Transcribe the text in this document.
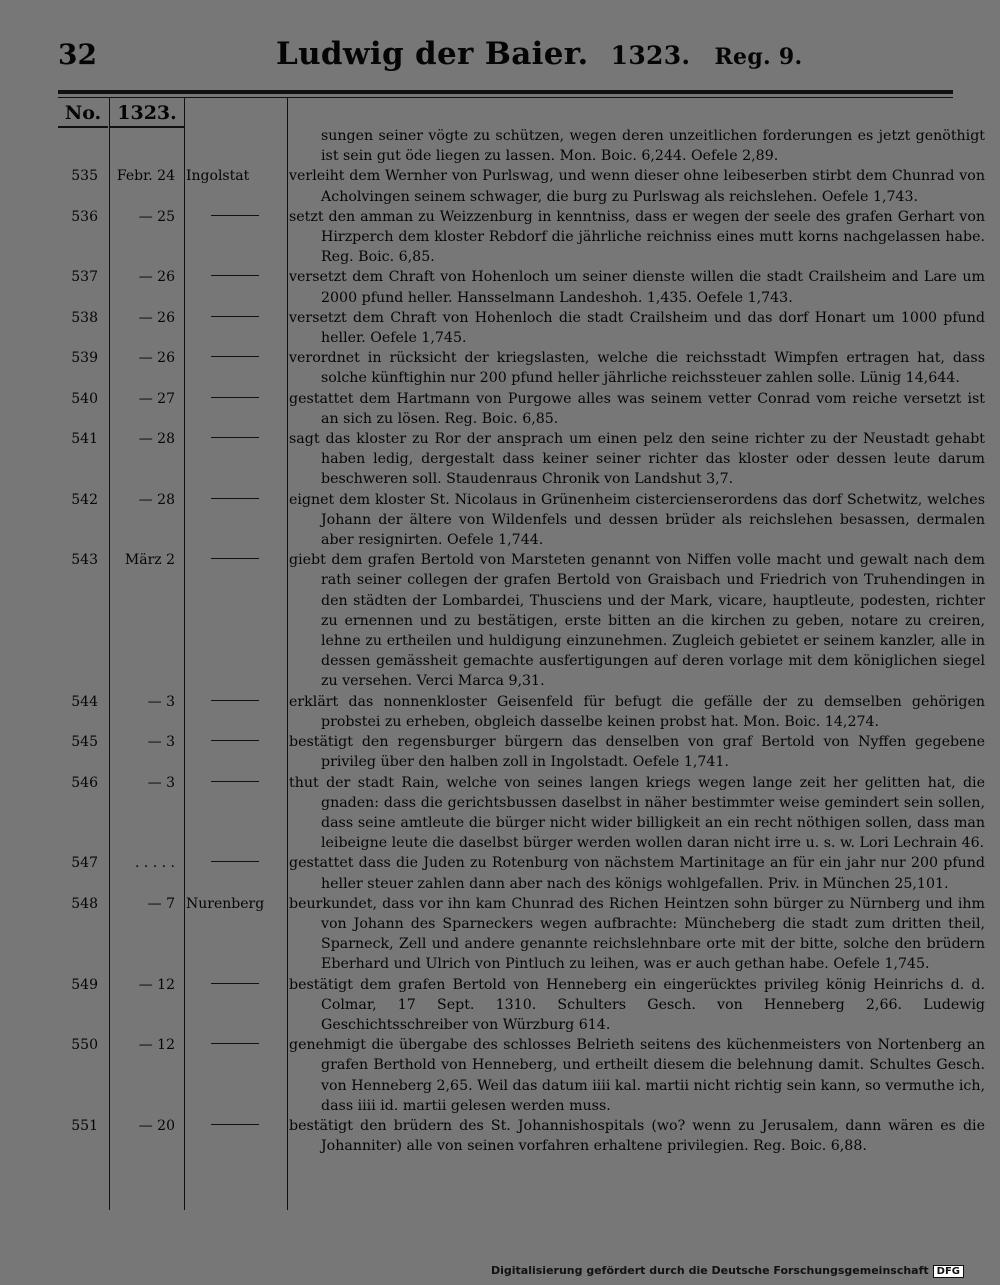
32	Ludwig der Baier. 1323. Reg. 9.
No. 1323.
sungen seiner vögte zu schützen, wegen deren unzeitlichen forderungen es jetzt genöthigt ist sein gut öde liegen zu lassen. Mon. Boic. 6,244. Oefele 2,89.
535	Febr. 24 Ingolstat	verleiht dem Wernher von Purlswag, und wenn dieser ohne leibeserben stirbt dem Chunrad von Acholvingen seinem schwager, die burg zu Purlswag als reichslehen. Oefele 1,743.
536	— 25	setzt den amman zu Weizzenburg in kenntniss, dass er wegen der seele des grafen Gerhart von Hirzperch dem kloster Rebdorf die jährliche reichniss eines mutt korns nachgelassen habe. Reg. Boic. 6,85.
537	— 26	versetzt dem Chraft von Hohenloch um seiner dienste willen die stadt Crailsheim and Lare um 2000 pfund heller. Hansselmann Landeshoh. 1,435. Oefele 1,743.
538	— 26	versetzt dem Chraft von Hohenloch die stadt Crailsheim und das dorf Honart um 1000 pfund heller. Oefele 1,745.
539	— 26	verordnet in rücksicht der kriegslasten, welche die reichsstadt Wimpfen ertragen hat, dass solche künftighin nur 200 pfund heller jährliche reichssteuer zahlen solle. Lünig 14,644.
540	— 27	gestattet dem Hartmann von Purgowe alles was seinem vetter Conrad vom reiche versetzt ist an sich zu lösen. Reg. Boic. 6,85.
541	— 28	sagt das kloster zu Ror der ansprach um einen pelz den seine richter zu der Neustadt gehabt haben ledig, dergestalt dass keiner seiner richter das kloster oder dessen leute darum beschweren soll. Staudenraus Chronik von Landshut 3,7.
542	— 28	eignet dem kloster St. Nicolaus in Grünenheim cistercienserordens das dorf Schetwitz, welches Johann der ältere von Wildenfels und dessen brüder als reichslehen besassen, dermalen aber resignirten. Oefele 1,744.
543	März 2	giebt dem grafen Bertold von Marsteten genannt von Niffen volle macht und gewalt nach dem rath seiner collegen der grafen Bertold von Graisbach und Friedrich von Truhendingen in den städten der Lombardei, Thusciens und der Mark, vicare, hauptleute, podesten, richter zu ernennen und zu bestätigen, erste bitten an die kirchen zu geben, notare zu creiren, lehne zu ertheilen und huldigung einzunehmen. Zugleich gebietet er seinem kanzler, alle in dessen gemässheit gemachte ausfertigungen auf deren vorlage mit dem königlichen siegel zu versehen. Verci Marca 9,31.
544	— 3	erklärt das nonnenkloster Geisenfeld für befugt die gefälle der zu demselben gehörigen probstei zu erheben, obgleich dasselbe keinen probst hat. Mon. Boic. 14,274.
545	— 3	bestätigt den regensburger bürgern das denselben von graf Bertold von Nyffen gegebene privileg über den halben zoll in Ingolstadt. Oefele 1,741.
546	— 3	thut der stadt Rain, welche von seines langen kriegs wegen lange zeit her gelitten hat, die gnaden: dass die gerichtsbussen daselbst in näher bestimmter weise gemindert sein sollen, dass seine amtleute die bürger nicht wider billigkeit an ein recht nöthigen sollen, dass man leibeigne leute die daselbst bürger werden wollen daran nicht irre u. s. w. Lori Lechrain 46.
547	. . . . .	gestattet dass die Juden zu Rotenburg von nächstem Martinitage an für ein jahr nur 200 pfund heller steuer zahlen dann aber nach des königs wohlgefallen. Priv. in München 25,101.
548	— 7 Nurenberg	beurkundet, dass vor ihn kam Chunrad des Richen Heintzen sohn bürger zu Nürnberg und ihm von Johann des Sparneckers wegen aufbrachte: Müncheberg die stadt zum dritten theil, Sparneck, Zell und andere genannte reichslehnbare orte mit der bitte, solche den brüdern Eberhard und Ulrich von Pintluch zu leihen, was er auch gethan habe. Oefele 1,745.
549	— 12	bestätigt dem grafen Bertold von Henneberg ein eingerücktes privileg könig Heinrichs d. d. Colmar, 17 Sept. 1310. Schulters Gesch. von Henneberg 2,66. Ludewig Geschichtsschreiber von Würzburg 614.
550	— 12	genehmigt die übergabe des schlosses Belrieth seitens des küchenmeisters von Nortenberg an grafen Berthold von Henneberg, und ertheilt diesem die belehnung damit. Schultes Gesch. von Henneberg 2,65. Weil das datum iiii kal. martii nicht richtig sein kann, so vermuthe ich, dass iiii id. martii gelesen werden muss.
551	— 20	bestätigt den brüdern des St. Johannishospitals (wo? wenn zu Jerusalem, dann wären es die Johanniter) alle von seinen vorfahren erhaltene privilegien. Reg. Boic. 6,88.
Digitalisierung gefördert durch die Deutsche Forschungsgemeinschaft DFG
